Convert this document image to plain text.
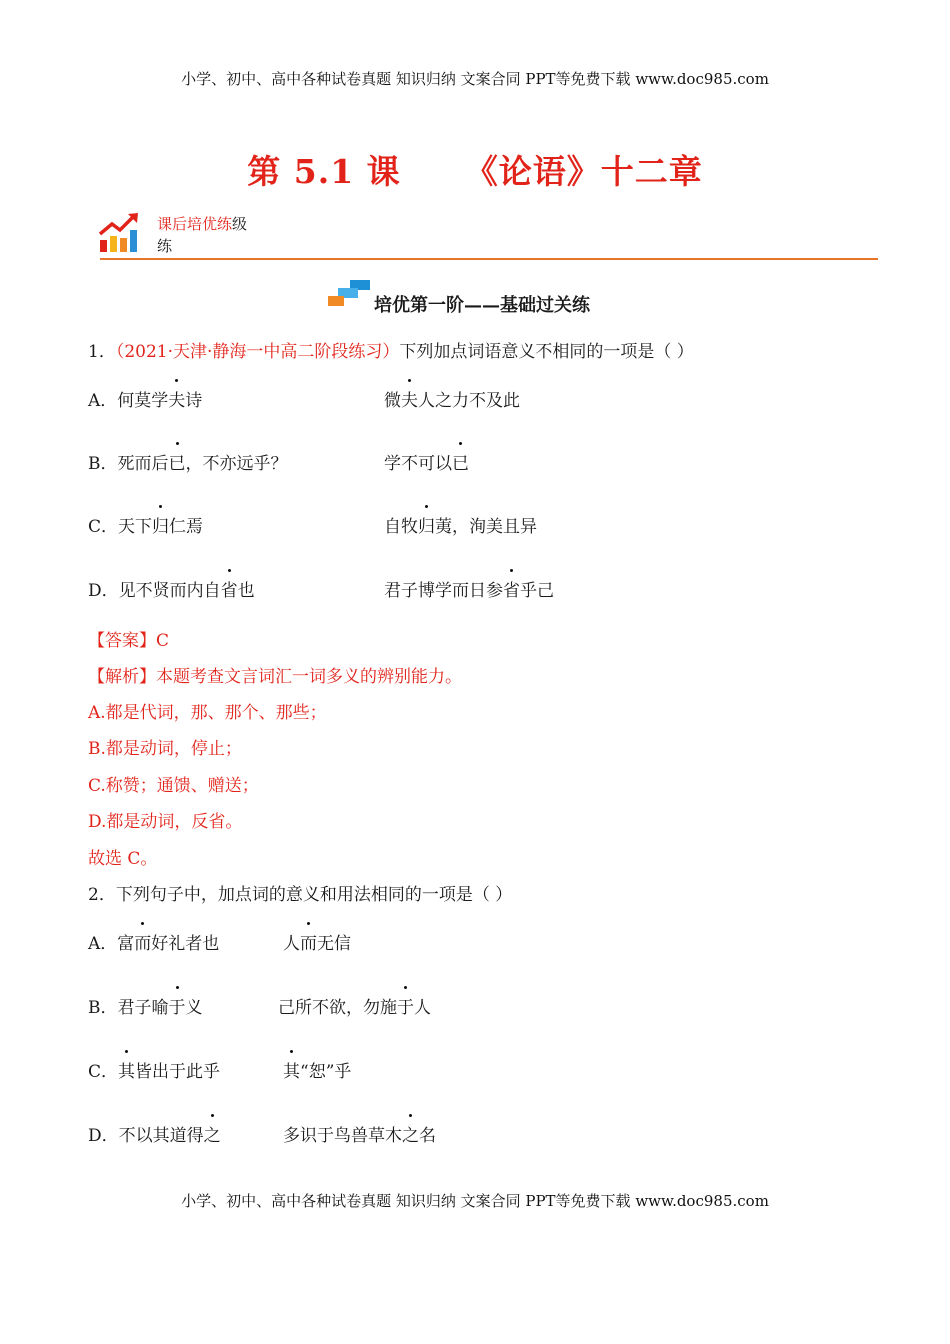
小学、初中、高中各种试卷真题 知识归纳 文案合同 PPT等免费下载 www.doc985.com
第 5.1 课 《论语》十二章
课后培优练级
练
培优第一阶——基础过关练
1．（2021·天津·静海一中高二阶段练习）下列加点词语意义不相同的一项是（ ）
A．何莫学夫诗	微夫人之力不及此
B．死而后已，不亦远乎？	学不可以已
C．天下归仁焉	自牧归荑，洵美且异
D．见不贤而内自省也	君子博学而日参省乎己
【答案】C
【解析】本题考查文言词汇一词多义的辨别能力。
A.都是代词，那、那个、那些；
B.都是动词，停止；
C.称赞；通馈、赠送；
D.都是动词，反省。
故选 C。
2．下列句子中，加点词的意义和用法相同的一项是（ ）
A．富而好礼者也	人而无信
B．君子喻于义	己所不欲，勿施于人
C．其皆出于此乎	其“恕”乎
D．不以其道得之	多识于鸟兽草木之名
小学、初中、高中各种试卷真题 知识归纳 文案合同 PPT等免费下载 www.doc985.com
